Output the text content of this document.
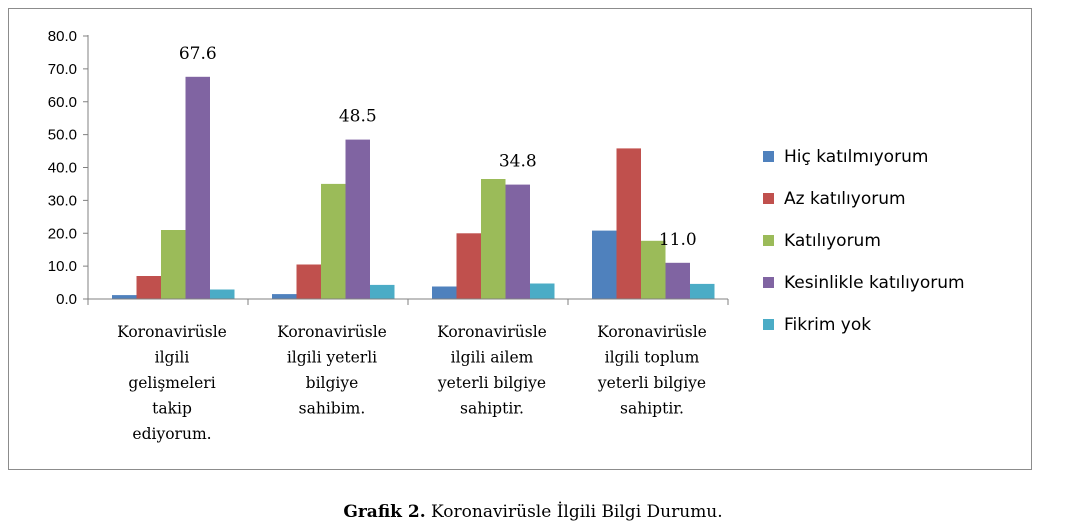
0.0
10.0
20.0
30.0
40.0
50.0
60.0
70.0
80.0
Koronavirüsle ilgili gelişmeleri takip ediyorum.
Koronavirüsle ilgili yeterli bilgiye sahibim.
Koronavirüsle ilgili ailem yeterli bilgiye sahiptir.
Koronavirüsle ilgili toplum yeterli bilgiye sahiptir.
67.6
48.5
34.8
11.0
Hiç katılmıyorum
Az katılıyorum
Katılıyorum
Kesinlikle katılıyorum
Fikrim yok
Grafik 2. Koronavirüsle İlgili Bilgi Durumu.
